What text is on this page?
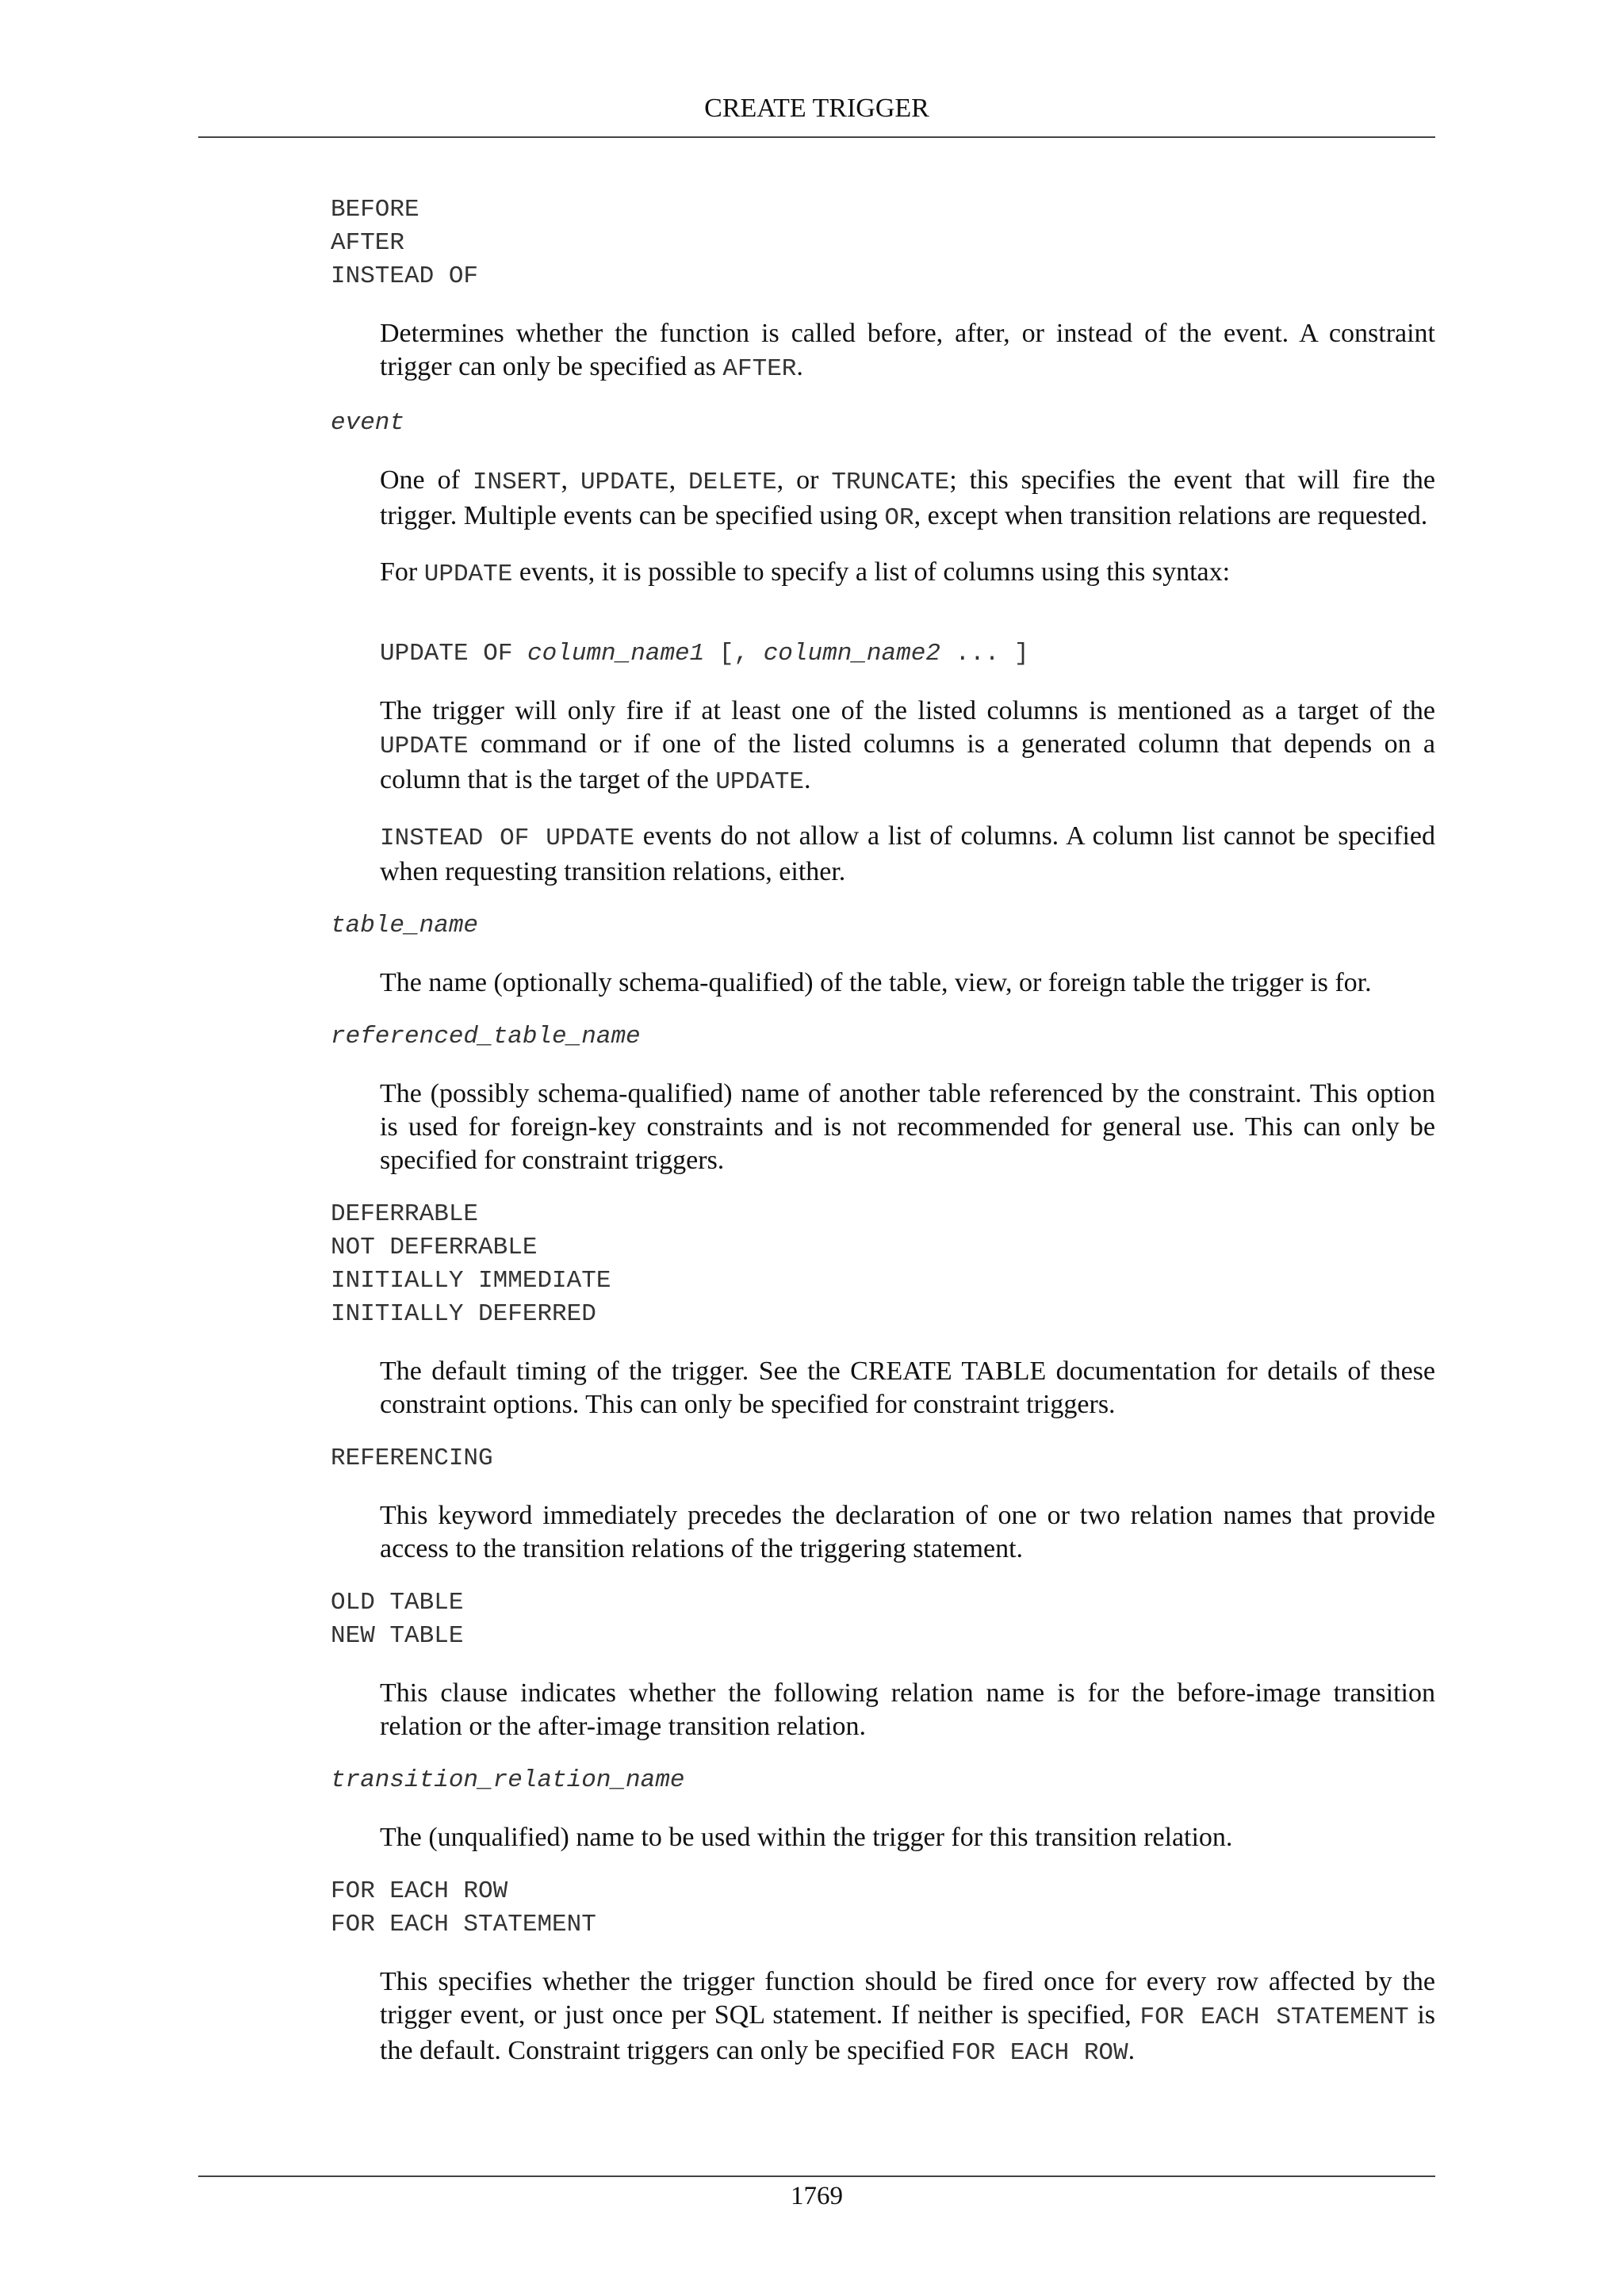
CREATE TRIGGER

BEFORE

AFTER

INSTEAD OF

Determines whether the function is called before, after, or instead of the event. A constraint trigger can only be specified as AFTER.

event

One of INSERT, UPDATE, DELETE, or TRUNCATE; this specifies the event that will fire the trigger. Multiple events can be specified using OR, except when transition relations are requested.

For UPDATE events, it is possible to specify a list of columns using this syntax:

UPDATE OF column_name1 [, column_name2 ... ]

The trigger will only fire if at least one of the listed columns is mentioned as a target of the UPDATE command or if one of the listed columns is a generated column that depends on a column that is the target of the UPDATE.

INSTEAD OF UPDATE events do not allow a list of columns. A column list cannot be specified when requesting transition relations, either.

table_name

The name (optionally schema-qualified) of the table, view, or foreign table the trigger is for.

referenced_table_name

The (possibly schema-qualified) name of another table referenced by the constraint. This option is used for foreign-key constraints and is not recommended for general use. This can only be specified for constraint triggers.

DEFERRABLE

NOT DEFERRABLE

INITIALLY IMMEDIATE

INITIALLY DEFERRED

The default timing of the trigger. See the CREATE TABLE documentation for details of these constraint options. This can only be specified for constraint triggers.

REFERENCING

This keyword immediately precedes the declaration of one or two relation names that provide access to the transition relations of the triggering statement.

OLD TABLE

NEW TABLE

This clause indicates whether the following relation name is for the before-image transition relation or the after-image transition relation.

transition_relation_name

The (unqualified) name to be used within the trigger for this transition relation.

FOR EACH ROW

FOR EACH STATEMENT

This specifies whether the trigger function should be fired once for every row affected by the trigger event, or just once per SQL statement. If neither is specified, FOR EACH STATEMENT is the default. Constraint triggers can only be specified FOR EACH ROW.

1769
